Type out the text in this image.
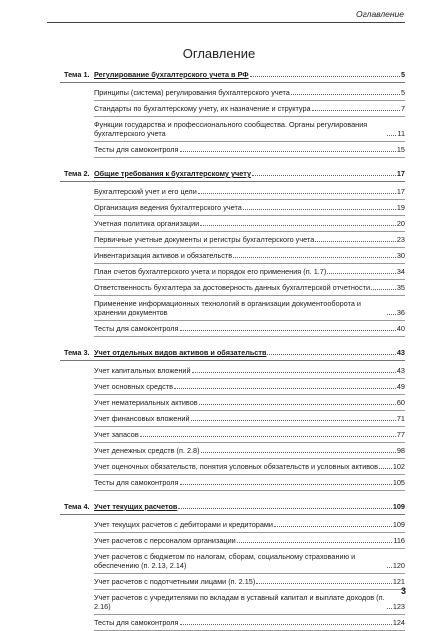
Оглавление
Оглавление
Тема 1. Регулирование бухгалтерского учета в РФ	5
Принципы (система) регулирования бухгалтерского учета	5
Стандарты по бухгалтерскому учету, их назначение и структура	7
Функции государства и профессионального сообщества. Органы регулирования бухгалтерского учета	11
Тесты для самоконтроля	15
Тема 2. Общие требования к бухгалтерскому учету	17
Бухгалтерский учет и его цели	17
Организация ведения бухгалтерского учета	19
Учетная политика организации	20
Первичные учетные документы и регистры бухгалтерского учета	23
Инвентаризация активов и обязательств	30
План счетов бухгалтерского учета и порядок его применения (п. 1.7)	34
Ответственность бухгалтера за достоверность данных бухгалтерской отчетности	35
Применение информационных технологий в организации документооборота и хранении документов	36
Тесты для самоконтроля	40
Тема 3. Учет отдельных видов активов и обязательств	43
Учет капитальных вложений	43
Учет основных средств	49
Учет нематериальных активов	60
Учет финансовых вложений	71
Учет запасов	77
Учет денежных средств (п. 2.8)	98
Учет оценочных обязательств, понятия условных обязательств и условных активов 102
Тесты для самоконтроля	105
Тема 4. Учет текущих расчетов	109
Учет текущих расчетов с дебиторами и кредиторами	109
Учет расчетов с персоналом организации	116
Учет расчетов с бюджетом по налогам, сборам, социальному страхованию и обеспечению (п. 2.13, 2.14)	120
Учет расчетов с подотчетными лицами (п. 2.15)	121
Учет расчетов с учредителями по вкладам в уставный капитал и выплате доходов (п. 2.16)	123
Тесты для самоконтроля	124
3
